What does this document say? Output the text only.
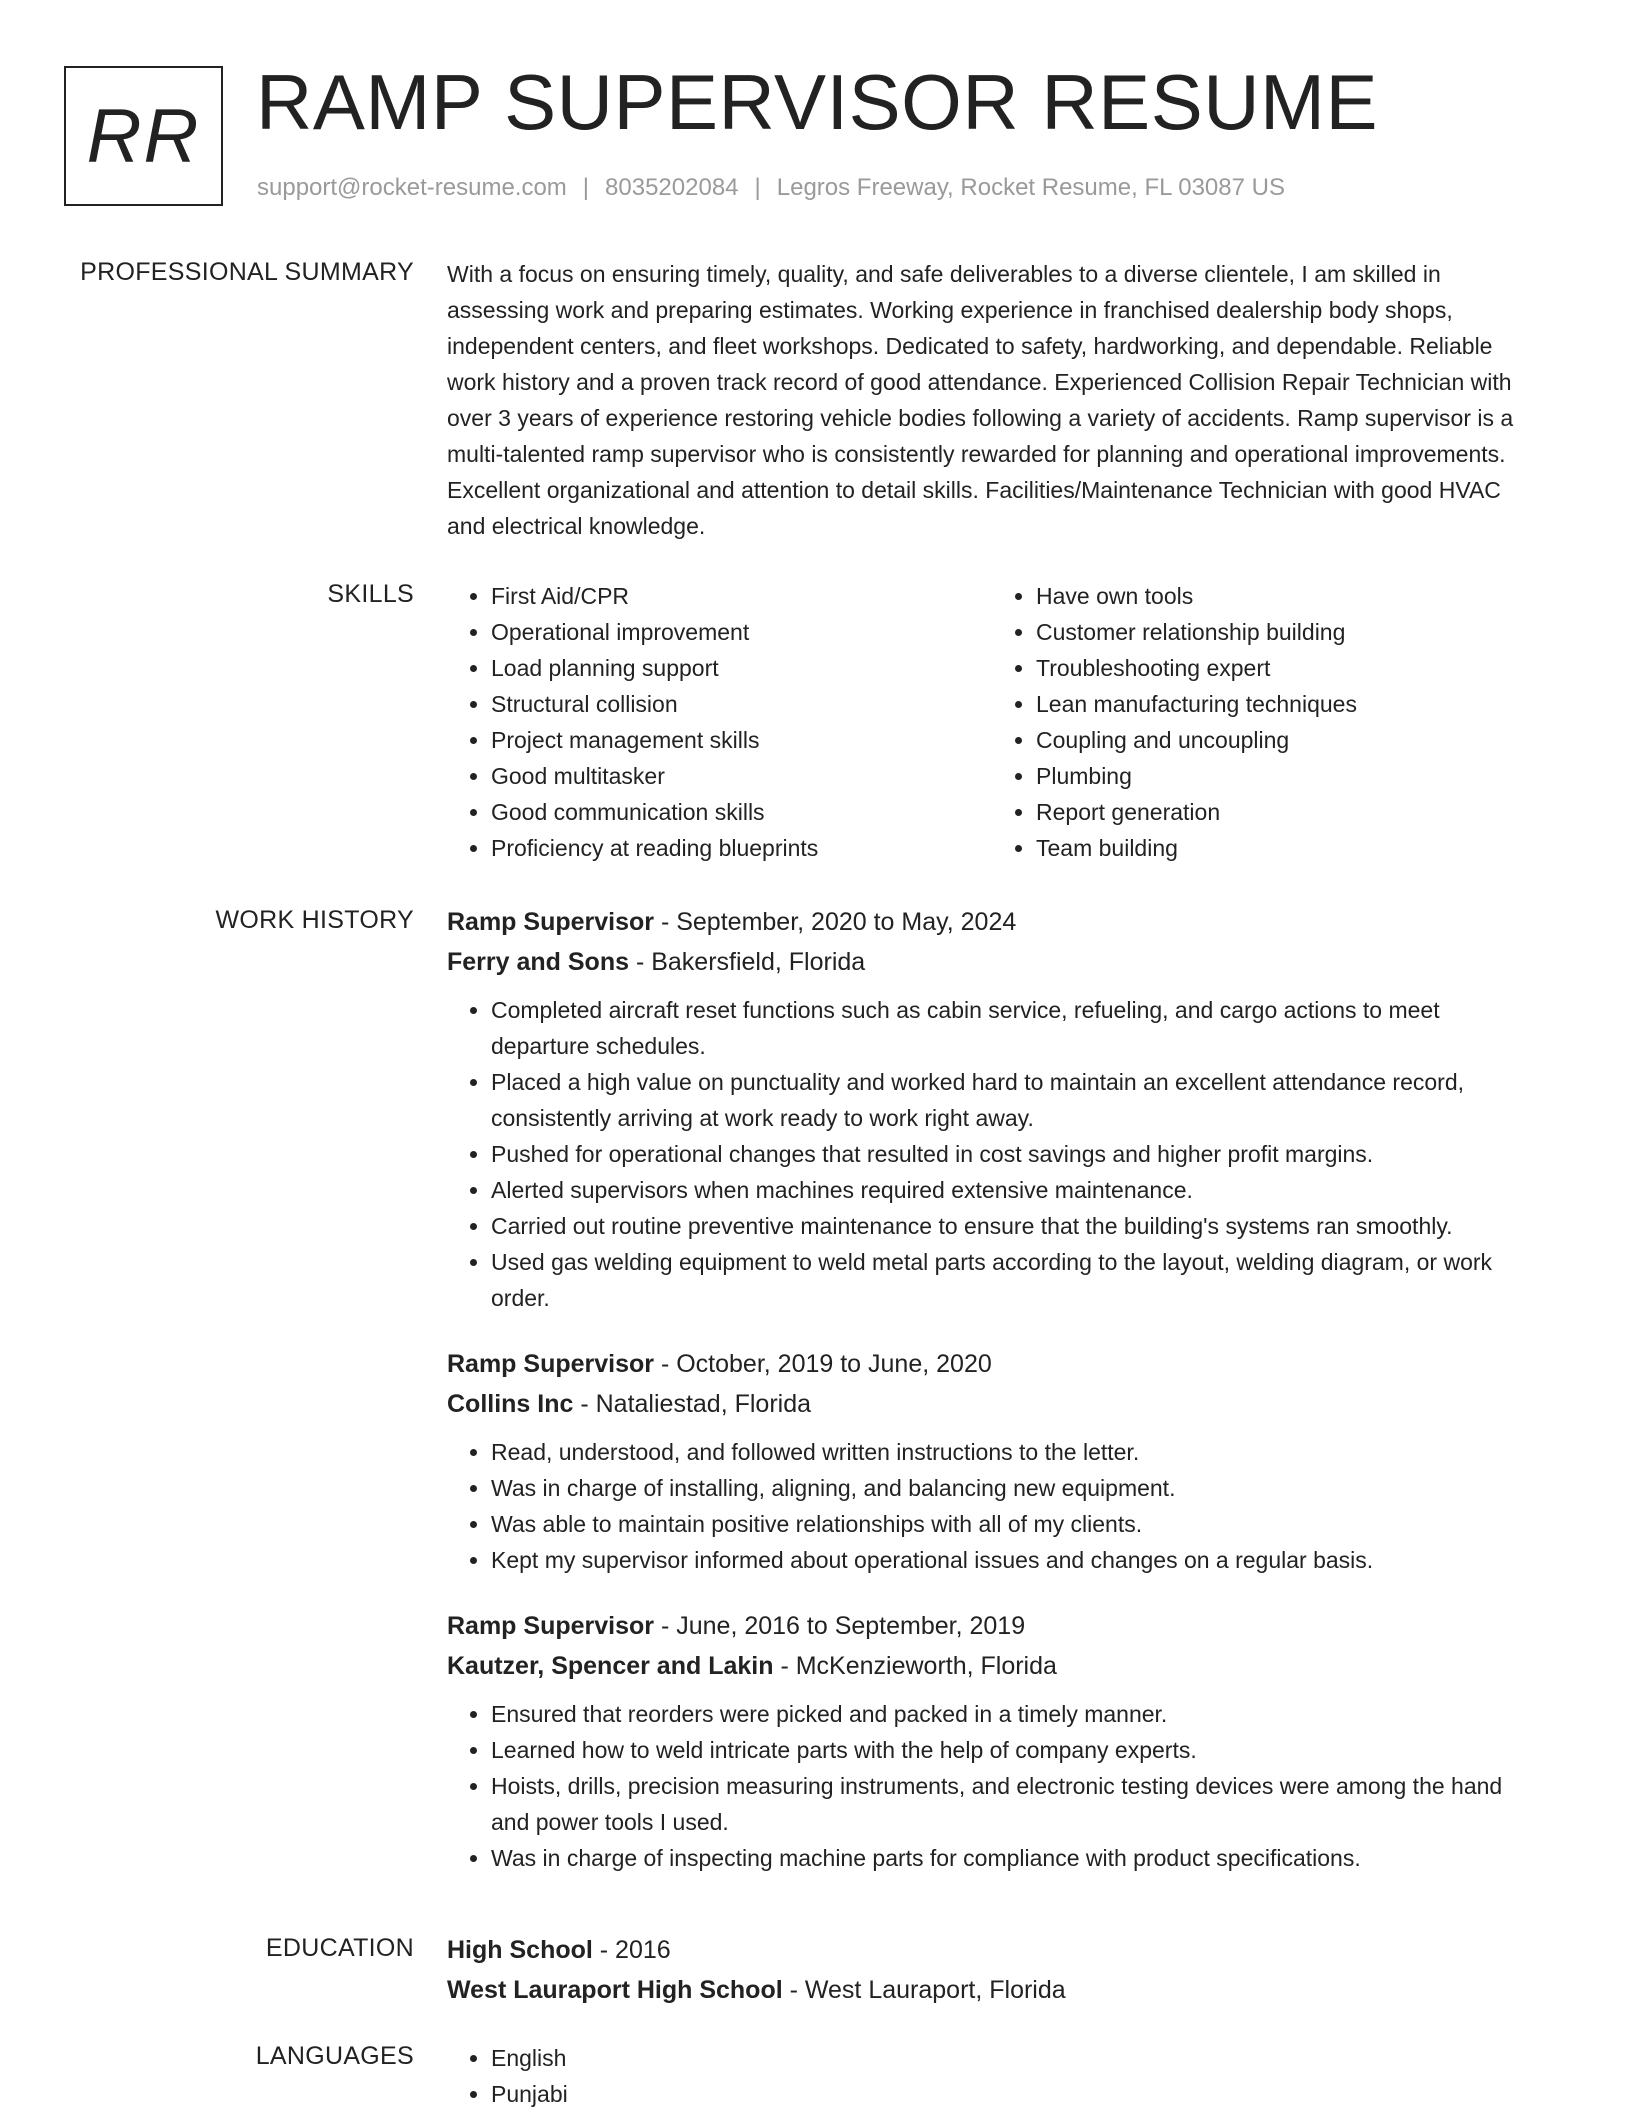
RR RAMP SUPERVISOR RESUME
support@rocket-resume.com | 8035202084 | Legros Freeway, Rocket Resume, FL 03087 US
PROFESSIONAL SUMMARY With a focus on ensuring timely, quality, and safe deliverables to a diverse clientele, I am skilled in assessing work and preparing estimates. Working experience in franchised dealership body shops, independent centers, and fleet workshops. Dedicated to safety, hardworking, and dependable. Reliable work history and a proven track record of good attendance. Experienced Collision Repair Technician with over 3 years of experience restoring vehicle bodies following a variety of accidents. Ramp supervisor is a multi-talented ramp supervisor who is consistently rewarded for planning and operational improvements. Excellent organizational and attention to detail skills. Facilities/Maintenance Technician with good HVAC and electrical knowledge.

SKILLS	• First Aid/CPR
• Operational improvement
• Load planning support
• Structural collision
• Project management skills
• Good multitasker
• Good communication skills
• Proficiency at reading blueprints
• Have own tools
• Customer relationship building
• Troubleshooting expert
• Lean manufacturing techniques
• Coupling and uncoupling
• Plumbing
• Report generation
• Team building
WORK HISTORY Ramp Supervisor - September, 2020 to May, 2024
Ferry and Sons - Bakersfield, Florida
• Completed aircraft reset functions such as cabin service, refueling, and cargo actions to meet departure schedules.
• Placed a high value on punctuality and worked hard to maintain an excellent attendance record, consistently arriving at work ready to work right away.
• Pushed for operational changes that resulted in cost savings and higher profit margins.
• Alerted supervisors when machines required extensive maintenance.
• Carried out routine preventive maintenance to ensure that the building's systems ran smoothly.
• Used gas welding equipment to weld metal parts according to the layout, welding diagram, or work order.
Ramp Supervisor - October, 2019 to June, 2020
Collins Inc - Nataliestad, Florida
• Read, understood, and followed written instructions to the letter.
• Was in charge of installing, aligning, and balancing new equipment.
• Was able to maintain positive relationships with all of my clients.
• Kept my supervisor informed about operational issues and changes on a regular basis.
Ramp Supervisor - June, 2016 to September, 2019
Kautzer, Spencer and Lakin - McKenzieworth, Florida
• Ensured that reorders were picked and packed in a timely manner.
• Learned how to weld intricate parts with the help of company experts.
• Hoists, drills, precision measuring instruments, and electronic testing devices were among the hand and power tools I used.
• Was in charge of inspecting machine parts for compliance with product specifications.
EDUCATION High School - 2016
West Lauraport High School - West Lauraport, Florida
LANGUAGES	• English
• Punjabi
